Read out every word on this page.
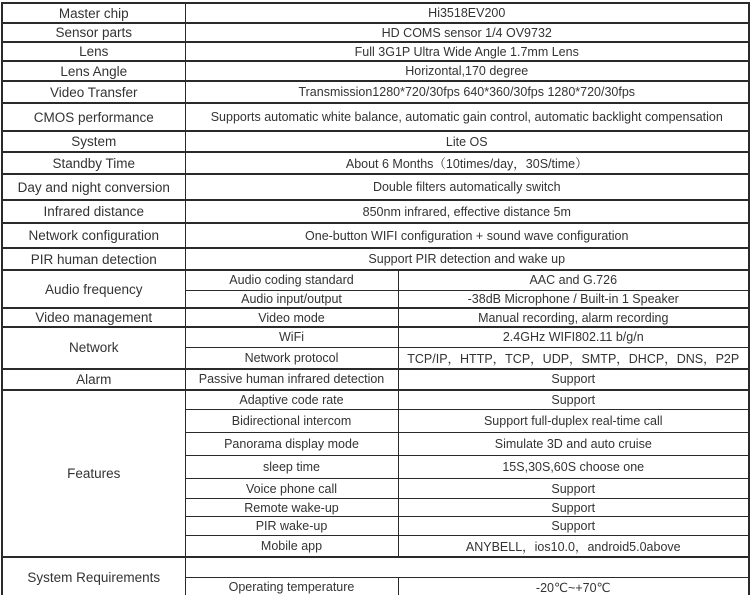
Master chip	Hi3518EV200	
Sensor parts	HD COMS sensor 1/4 OV9732	
Lens	Full 3G1P Ultra Wide Angle 1.7mm Lens	
Lens Angle	Horizontal,170 degree	
Video Transfer	Transmission1280*720/30fps 640*360/30fps 1280*720/30fps	
CMOS performance	Supports automatic white balance, automatic gain control, automatic backlight compensation	
System	Lite OS	
Standby Time	About 6 Months（10times/day，30S/time）	
Day and night conversion	Double filters automatically switch	
Infrared distance	850nm infrared, effective distance 5m	
Network configuration	One-button WIFI configuration + sound wave configuration	
PIR human detection	Support PIR detection and wake up	
Audio frequency	Audio coding standard	AAC and G.726
	Audio input/output	-38dB Microphone / Built-in 1 Speaker
Video management	Video mode	Manual recording, alarm recording
Network	WiFi	2.4GHz WIFI802.11 b/g/n
	Network protocol	TCP/IP，HTTP，TCP，UDP，SMTP，DHCP，DNS，P2P
Alarm	Passive human infrared detection	Support
Features	Adaptive code rate	Support
	Bidirectional intercom	Support full-duplex real-time call
	Panorama display mode	Simulate 3D and auto cruise
	sleep time	15S,30S,60S choose one
	Voice phone call	Support
	Remote wake-up	Support
	PIR wake-up	Support
	Mobile app	ANYBELL，ios10.0，android5.0above
System Requirements		
	Operating temperature	-20℃~+70℃
